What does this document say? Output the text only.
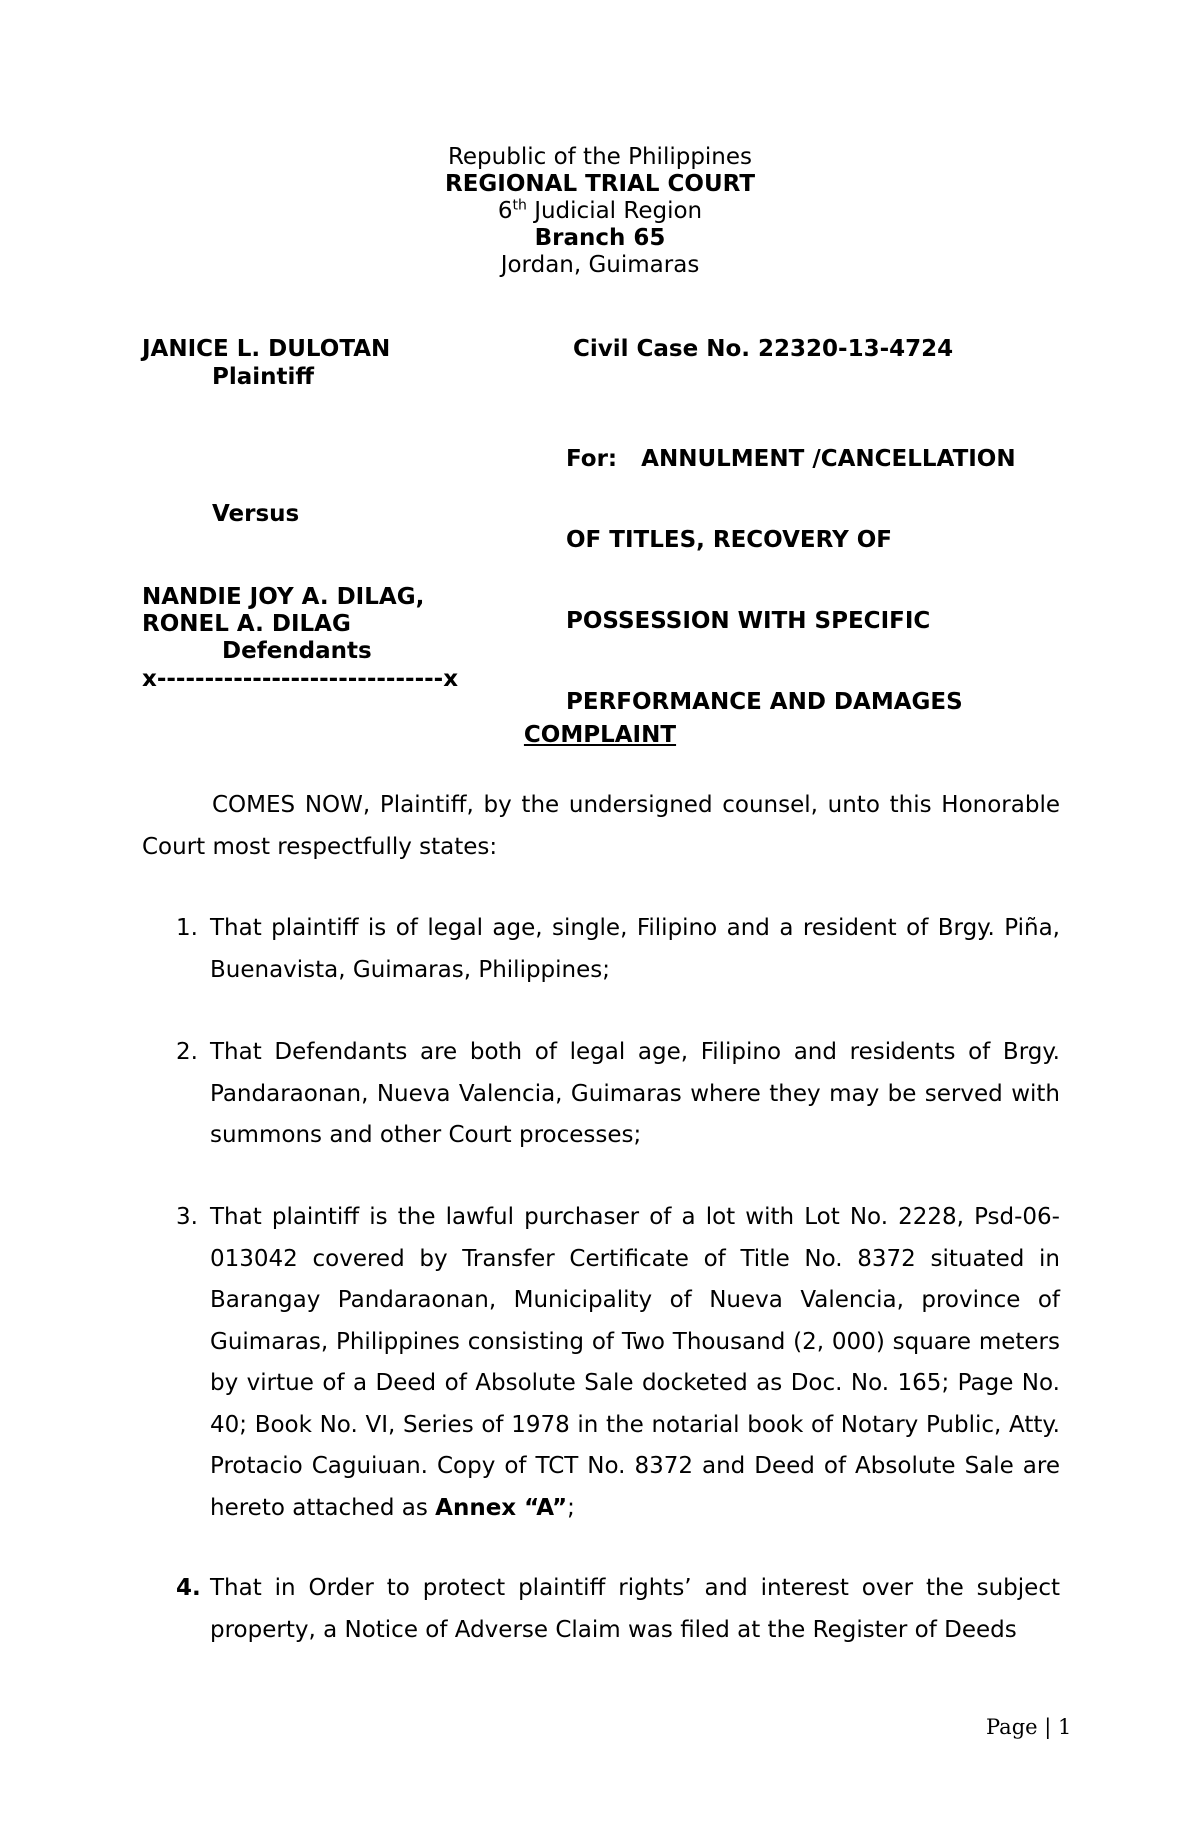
Republic of the Philippines
REGIONAL TRIAL COURT
6th Judicial Region
Branch 65
Jordan, Guimaras
JANICE L. DULOTAN
Plaintiff
Versus
NANDIE JOY A. DILAG,
RONEL A. DILAG
Defendants
x------------------------------x
Civil Case No. 22320-13-4724

For:   ANNULMENT /CANCELLATION

OF TITLES, RECOVERY OF

POSSESSION WITH SPECIFIC

PERFORMANCE AND DAMAGES

COMPLAINT
COMES NOW, Plaintiff, by the undersigned counsel, unto this Honorable Court most respectfully states:
1. That plaintiff is of legal age, single, Filipino and a resident of Brgy. Piña, Buenavista, Guimaras, Philippines;
2. That Defendants are both of legal age, Filipino and residents of Brgy. Pandaraonan, Nueva Valencia, Guimaras where they may be served with summons and other Court processes;
3. That plaintiff is the lawful purchaser of a lot with Lot No. 2228, Psd-06-013042 covered by Transfer Certificate of Title No. 8372 situated in Barangay Pandaraonan, Municipality of Nueva Valencia, province of Guimaras, Philippines consisting of Two Thousand (2, 000) square meters by virtue of a Deed of Absolute Sale docketed as Doc. No. 165; Page No. 40; Book No. VI, Series of 1978 in the notarial book of Notary Public, Atty. Protacio Caguiuan. Copy of TCT No. 8372 and Deed of Absolute Sale are hereto attached as Annex “A”;
4. That in Order to protect plaintiff rights’ and interest over the subject property, a Notice of Adverse Claim was filed at the Register of Deeds
Page | 1
